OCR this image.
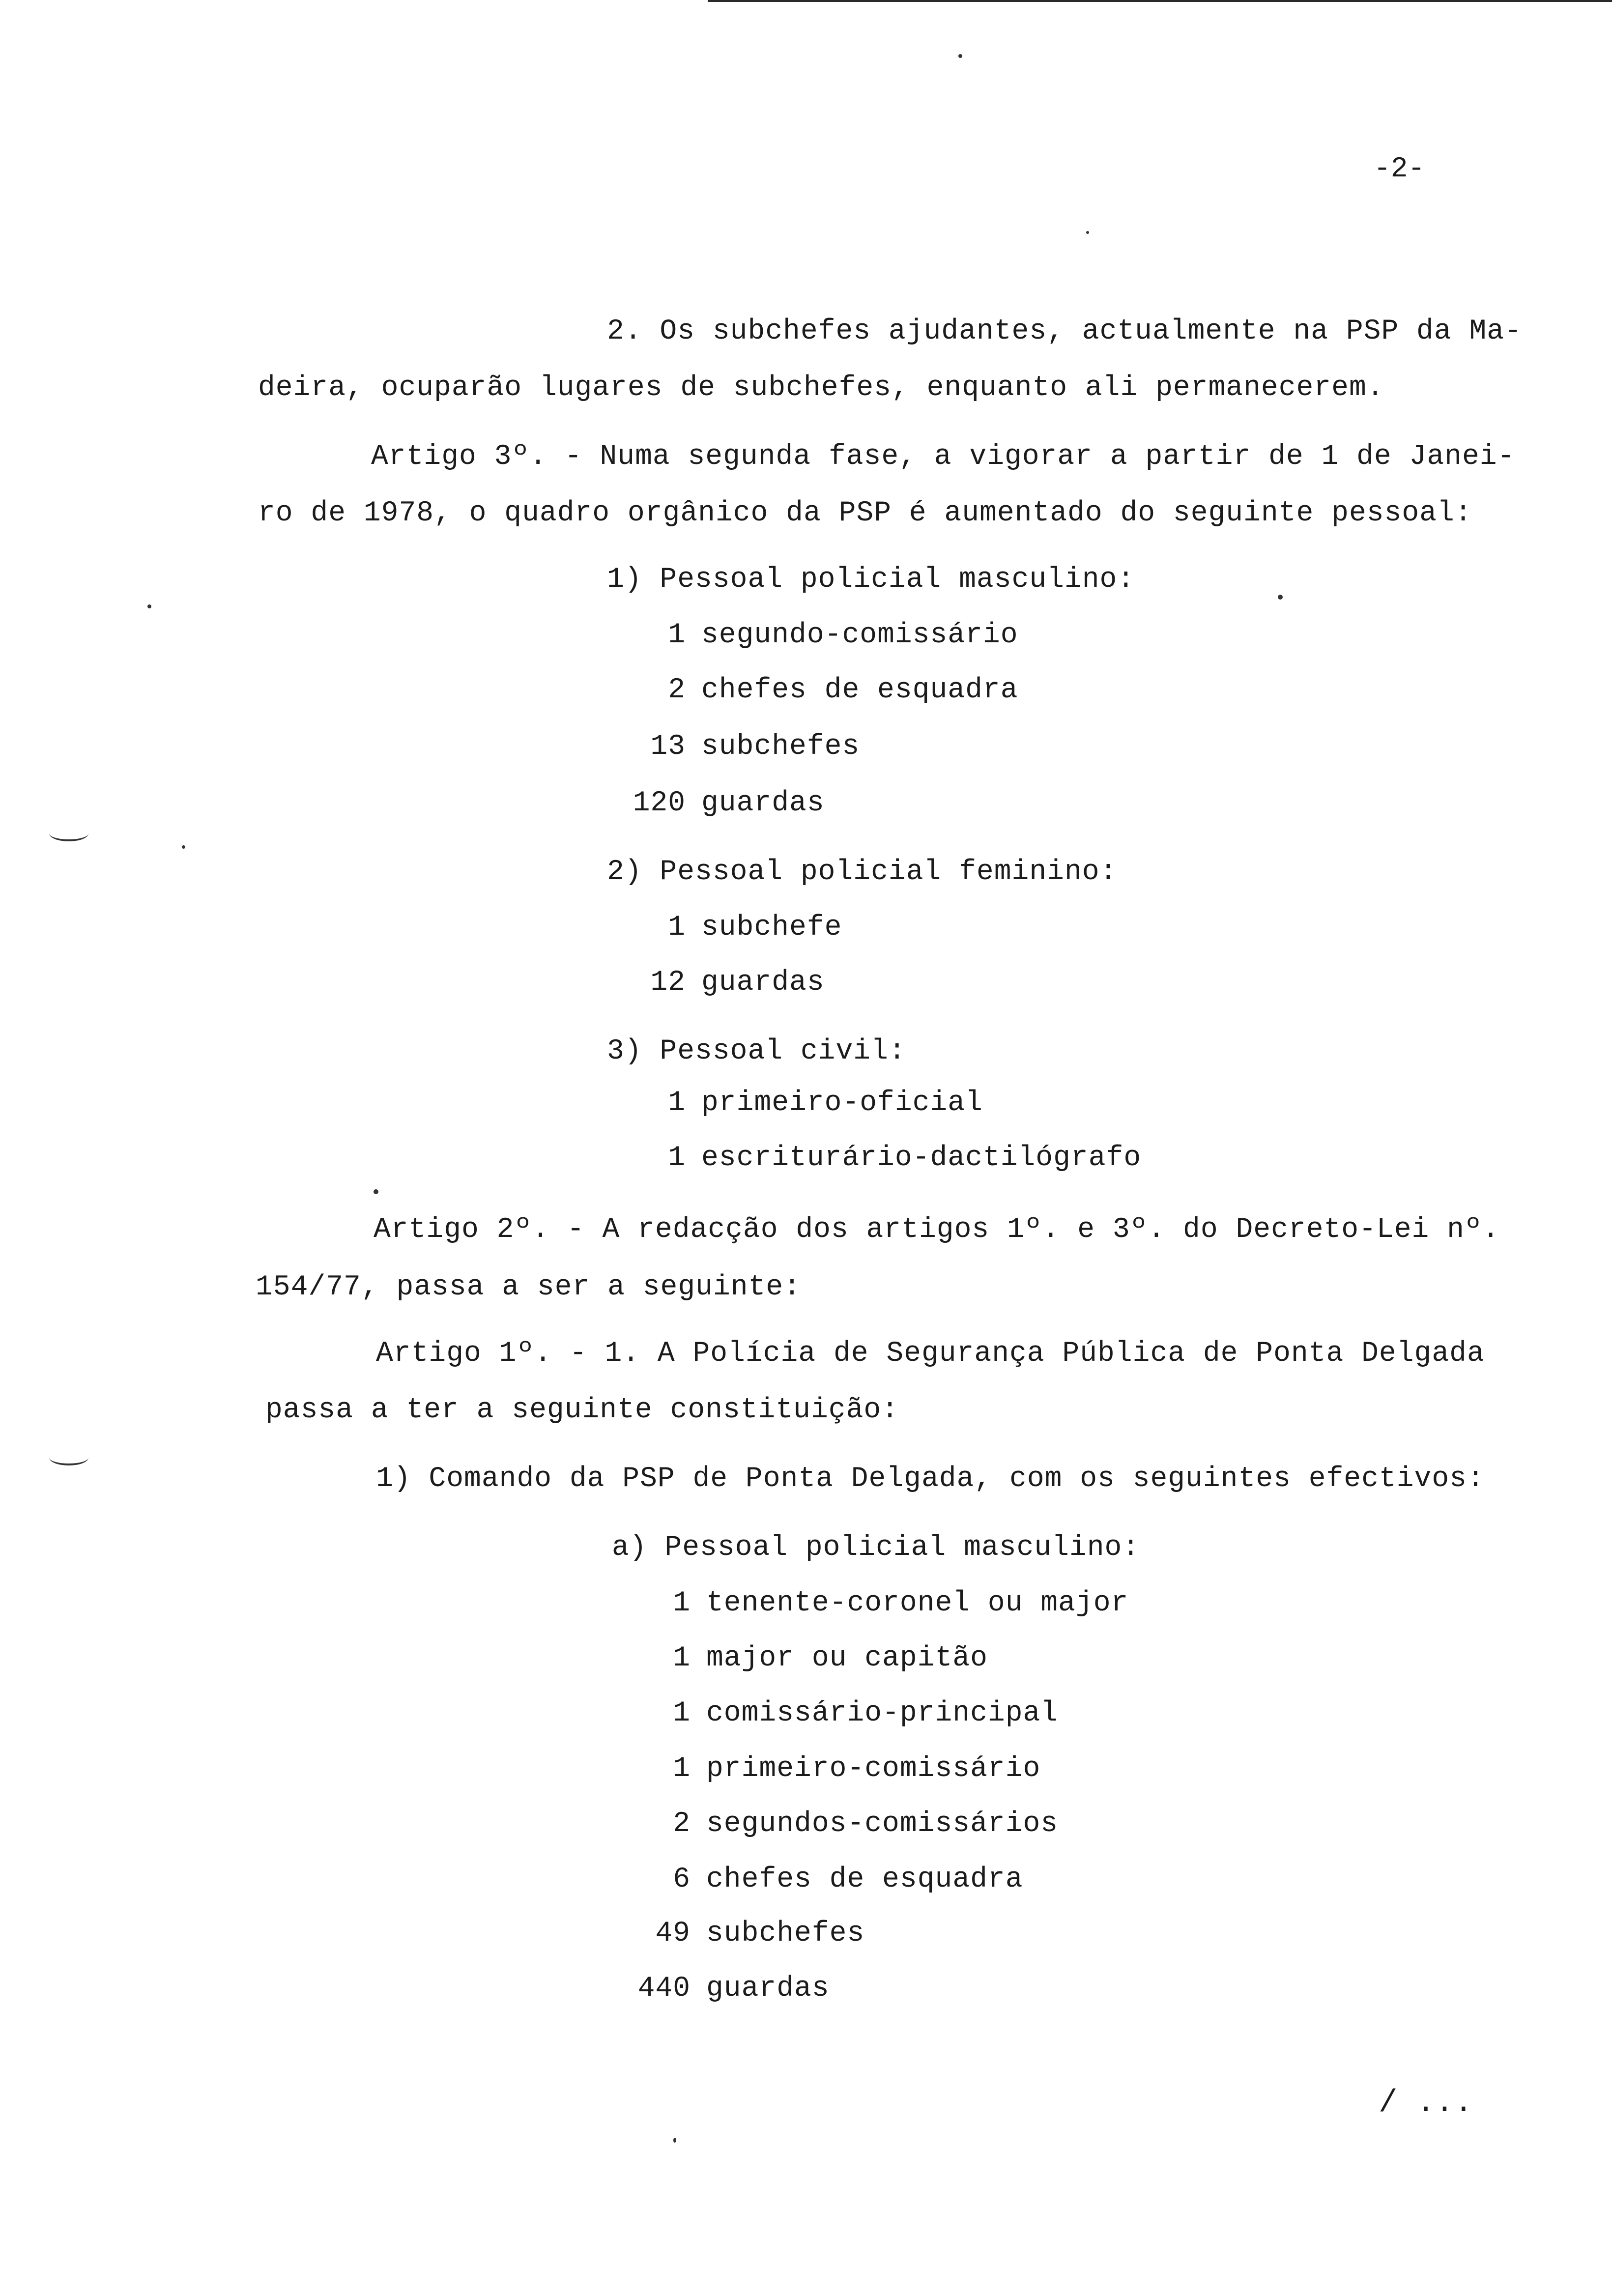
-2-
2. Os subchefes ajudantes, actualmente na PSP da Ma-
deira, ocuparão lugares de subchefes, enquanto ali permanecerem.
Artigo 3º. - Numa segunda fase, a vigorar a partir de 1 de Janei-
ro de 1978, o quadro orgânico da PSP é aumentado do seguinte pessoal:
1) Pessoal policial masculino:
1 segundo-comissário
2 chefes de esquadra
13 subchefes
120 guardas
2) Pessoal policial feminino:
1 subchefe
12 guardas
3) Pessoal civil:
1 primeiro-oficial
1 escriturário-dactilógrafo
Artigo 2º. - A redacção dos artigos 1º. e 3º. do Decreto-Lei nº.
154/77, passa a ser a seguinte:
Artigo 1º. - 1. A Polícia de Segurança Pública de Ponta Delgada
passa a ter a seguinte constituição:
1) Comando da PSP de Ponta Delgada, com os seguintes efectivos:
a) Pessoal policial masculino:
1 tenente-coronel ou major
1 major ou capitão
1 comissário-principal
1 primeiro-comissário
2 segundos-comissários
6 chefes de esquadra
49 subchefes
440 guardas
/ ...
